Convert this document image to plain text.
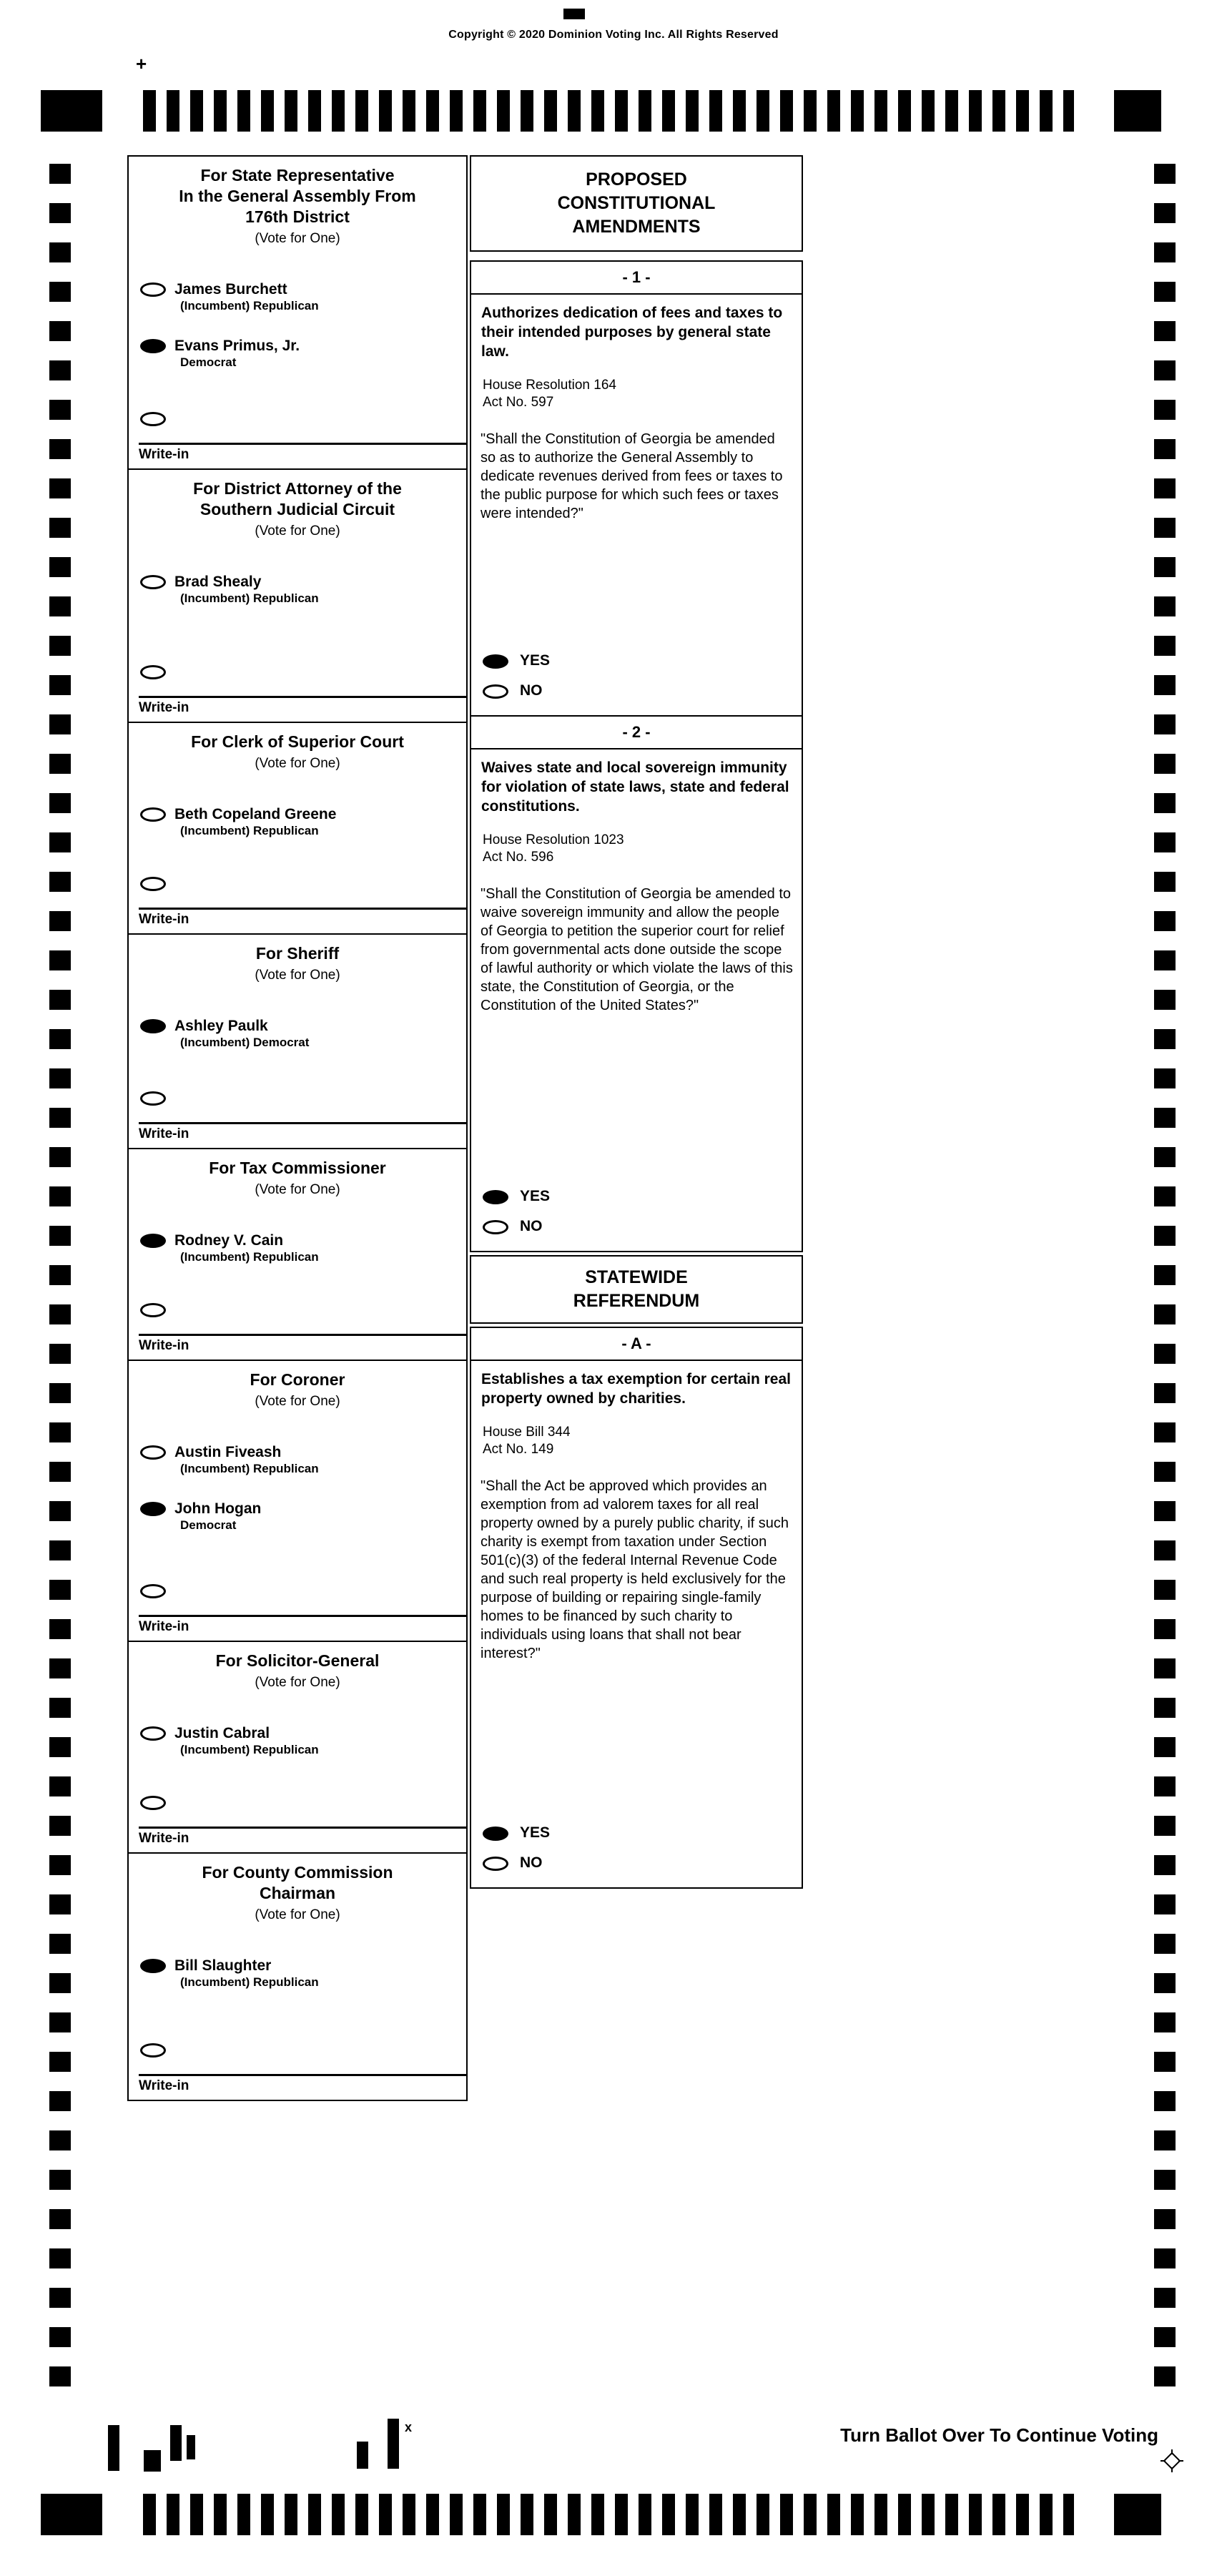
Copyright © 2020 Dominion Voting Inc. All Rights Reserved
+
For State Representative
In the General Assembly From
176th District
(Vote for One)
James Burchett
(Incumbent) Republican
Evans Primus, Jr.
Democrat
Write-in
For District Attorney of the
Southern Judicial Circuit
(Vote for One)
Brad Shealy
(Incumbent) Republican
Write-in
For Clerk of Superior Court
(Vote for One)
Beth Copeland Greene
(Incumbent) Republican
Write-in
For Sheriff
(Vote for One)
Ashley Paulk
(Incumbent) Democrat
Write-in
For Tax Commissioner
(Vote for One)
Rodney V. Cain
(Incumbent) Republican
Write-in
For Coroner
(Vote for One)
Austin Fiveash
(Incumbent) Republican
John Hogan
Democrat
Write-in
For Solicitor-General
(Vote for One)
Justin Cabral
(Incumbent) Republican
Write-in
For County Commission
Chairman
(Vote for One)
Bill Slaughter
(Incumbent) Republican
Write-in
PROPOSED
CONSTITUTIONAL
AMENDMENTS
- 1 -
Authorizes dedication of fees and taxes to their intended purposes by general state law.
House Resolution 164
Act No. 597
"Shall the Constitution of Georgia be amended so as to authorize the General Assembly to dedicate revenues derived from fees or taxes to the public purpose for which such fees or taxes were intended?"
YES
NO
- 2 -
Waives state and local sovereign immunity for violation of state laws, state and federal constitutions.
House Resolution 1023
Act No. 596
"Shall the Constitution of Georgia be amended to waive sovereign immunity and allow the people of Georgia to petition the superior court for relief from governmental acts done outside the scope of lawful authority or which violate the laws of this state, the Constitution of Georgia, or the Constitution of the United States?"
YES
NO
STATEWIDE
REFERENDUM
- A -
Establishes a tax exemption for certain real property owned by charities.
House Bill 344
Act No. 149
"Shall the Act be approved which provides an exemption from ad valorem taxes for all real property owned by a purely public charity, if such charity is exempt from taxation under Section 501(c)(3) of the federal Internal Revenue Code and such real property is held exclusively for the purpose of building or repairing single-family homes to be financed by such charity to individuals using loans that shall not bear interest?"
YES
NO
x	Turn Ballot Over To Continue Voting
